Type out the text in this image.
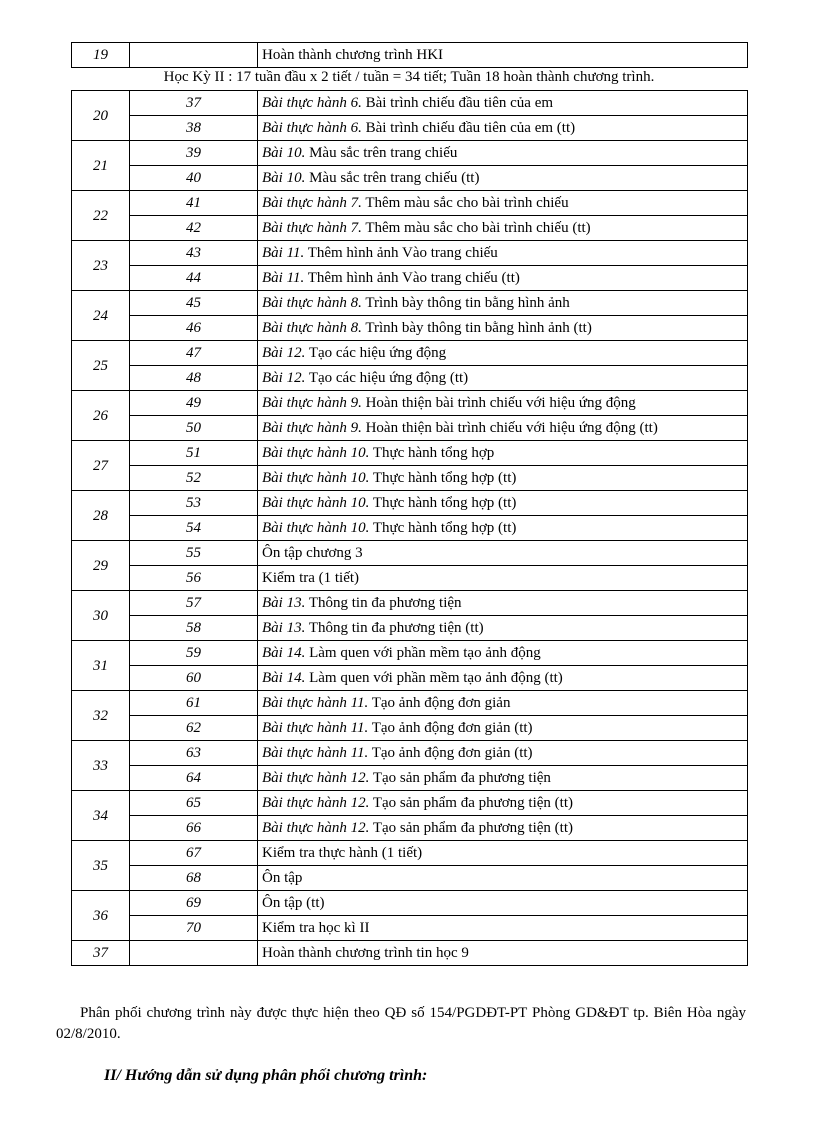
19		Hoàn thành chương trình HKI
Học Kỳ II : 17 tuần đầu x 2 tiết / tuần = 34 tiết; Tuần 18 hoàn thành chương trình.
20	37	Bài thực hành 6. Bài trình chiếu đầu tiên của em
	38	Bài thực hành 6. Bài trình chiếu đầu tiên của em (tt)
21	39	Bài 10. Màu sắc trên trang chiếu
	40	Bài 10. Màu sắc trên trang chiếu (tt)
22	41	Bài thực hành 7. Thêm màu sắc cho bài trình chiếu
	42	Bài thực hành 7. Thêm màu sắc cho bài trình chiếu (tt)
23	43	Bài 11. Thêm hình ảnh Vào trang chiếu
	44	Bài 11. Thêm hình ảnh Vào trang chiếu (tt)
24	45	Bài thực hành 8. Trình bày thông tin bằng hình ảnh
	46	Bài thực hành 8. Trình bày thông tin bằng hình ảnh (tt)
25	47	Bài 12. Tạo các hiệu ứng động
	48	Bài 12. Tạo các hiệu ứng động (tt)
26	49	Bài thực hành 9. Hoàn thiện bài trình chiếu với hiệu ứng động
	50	Bài thực hành 9. Hoàn thiện bài trình chiếu với hiệu ứng động (tt)
27	51	Bài thực hành 10. Thực hành tổng hợp
	52	Bài thực hành 10. Thực hành tổng hợp (tt)
28	53	Bài thực hành 10. Thực hành tổng hợp (tt)
	54	Bài thực hành 10. Thực hành tổng hợp (tt)
29	55	Ôn tập chương 3
	56	Kiểm tra (1 tiết)
30	57	Bài 13. Thông tin đa phương tiện
	58	Bài 13. Thông tin đa phương tiện (tt)
31	59	Bài 14. Làm quen với phần mềm tạo ảnh động
	60	Bài 14. Làm quen với phần mềm tạo ảnh động (tt)
32	61	Bài thực hành 11. Tạo ảnh động đơn giản
	62	Bài thực hành 11. Tạo ảnh động đơn giản (tt)
33	63	Bài thực hành 11. Tạo ảnh động đơn giản (tt)
	64	Bài thực hành 12. Tạo sản phẩm đa phương tiện
34	65	Bài thực hành 12. Tạo sản phẩm đa phương tiện (tt)
	66	Bài thực hành 12. Tạo sản phẩm đa phương tiện (tt)
35	67	Kiểm tra thực hành (1 tiết)
	68	Ôn tập
36	69	Ôn tập (tt)
	70	Kiểm tra học kì II
37		Hoàn thành chương trình tin học 9
Phân phối chương trình này được thực hiện theo QĐ số 154/PGDĐT-PT Phòng GD&ĐT tp. Biên Hòa ngày 02/8/2010.
II/ Hướng dẫn sử dụng phân phối chương trình:
